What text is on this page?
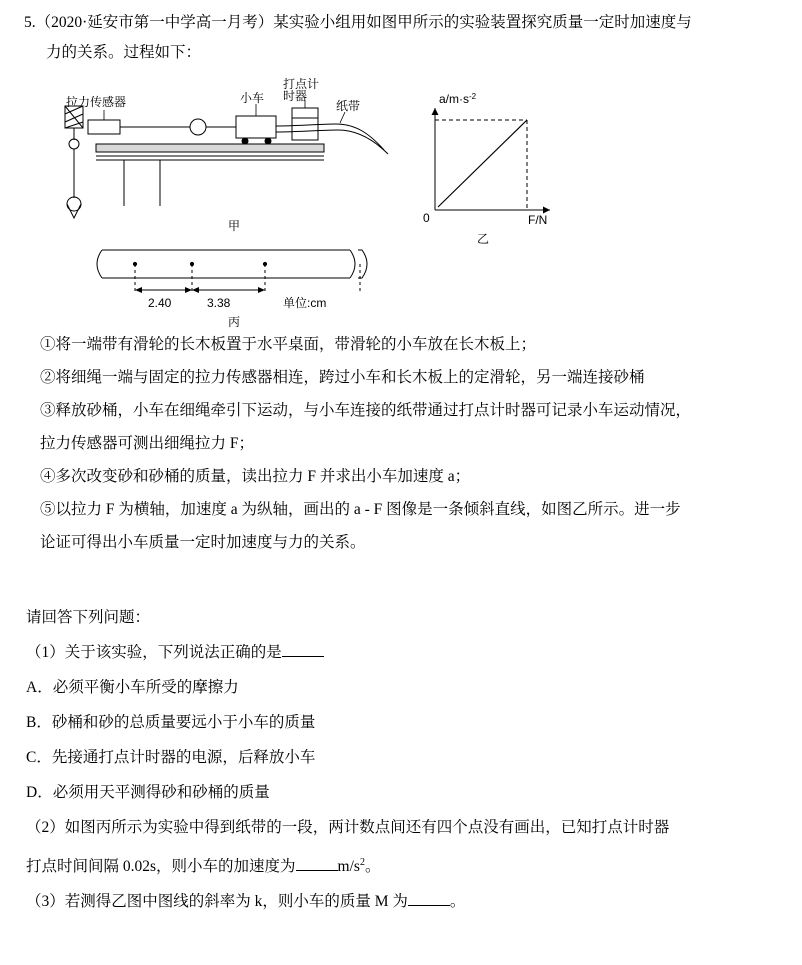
5.（2020·延安市第一中学高一月考）某实验小组用如图甲所示的实验装置探究质量一定时加速度与
力的关系。过程如下：
拉力传感器	小车
打点计
时器
纸带
甲
$a/m\cdot s^{-2}$
0	F/N
乙
2.40	3.38	单位:cm
丙

①将一端带有滑轮的长木板置于水平桌面，带滑轮的小车放在长木板上；

②将细绳一端与固定的拉力传感器相连，跨过小车和长木板上的定滑轮，另一端连接砂桶

③释放砂桶，小车在细绳牵引下运动，与小车连接的纸带通过打点计时器可记录小车运动情况，

拉力传感器可测出细绳拉力 F；

④多次改变砂和砂桶的质量，读出拉力 F 并求出小车加速度 a；

⑤以拉力 F 为横轴，加速度 a 为纵轴，画出的 a - F 图像是一条倾斜直线，如图乙所示。进一步

论证可得出小车质量一定时加速度与力的关系。

请回答下列问题：

（1）关于该实验，下列说法正确的是

A．必须平衡小车所受的摩擦力

B．砂桶和砂的总质量要远小于小车的质量

C．先接通打点计时器的电源，后释放小车

D．必须用天平测得砂和砂桶的质量

（2）如图丙所示为实验中得到纸带的一段，两计数点间还有四个点没有画出，已知打点计时器

打点时间间隔 0.02s，则小车的加速度为	$m/s^2$。

（3）若测得乙图中图线的斜率为 k，则小车的质量 M 为	。
